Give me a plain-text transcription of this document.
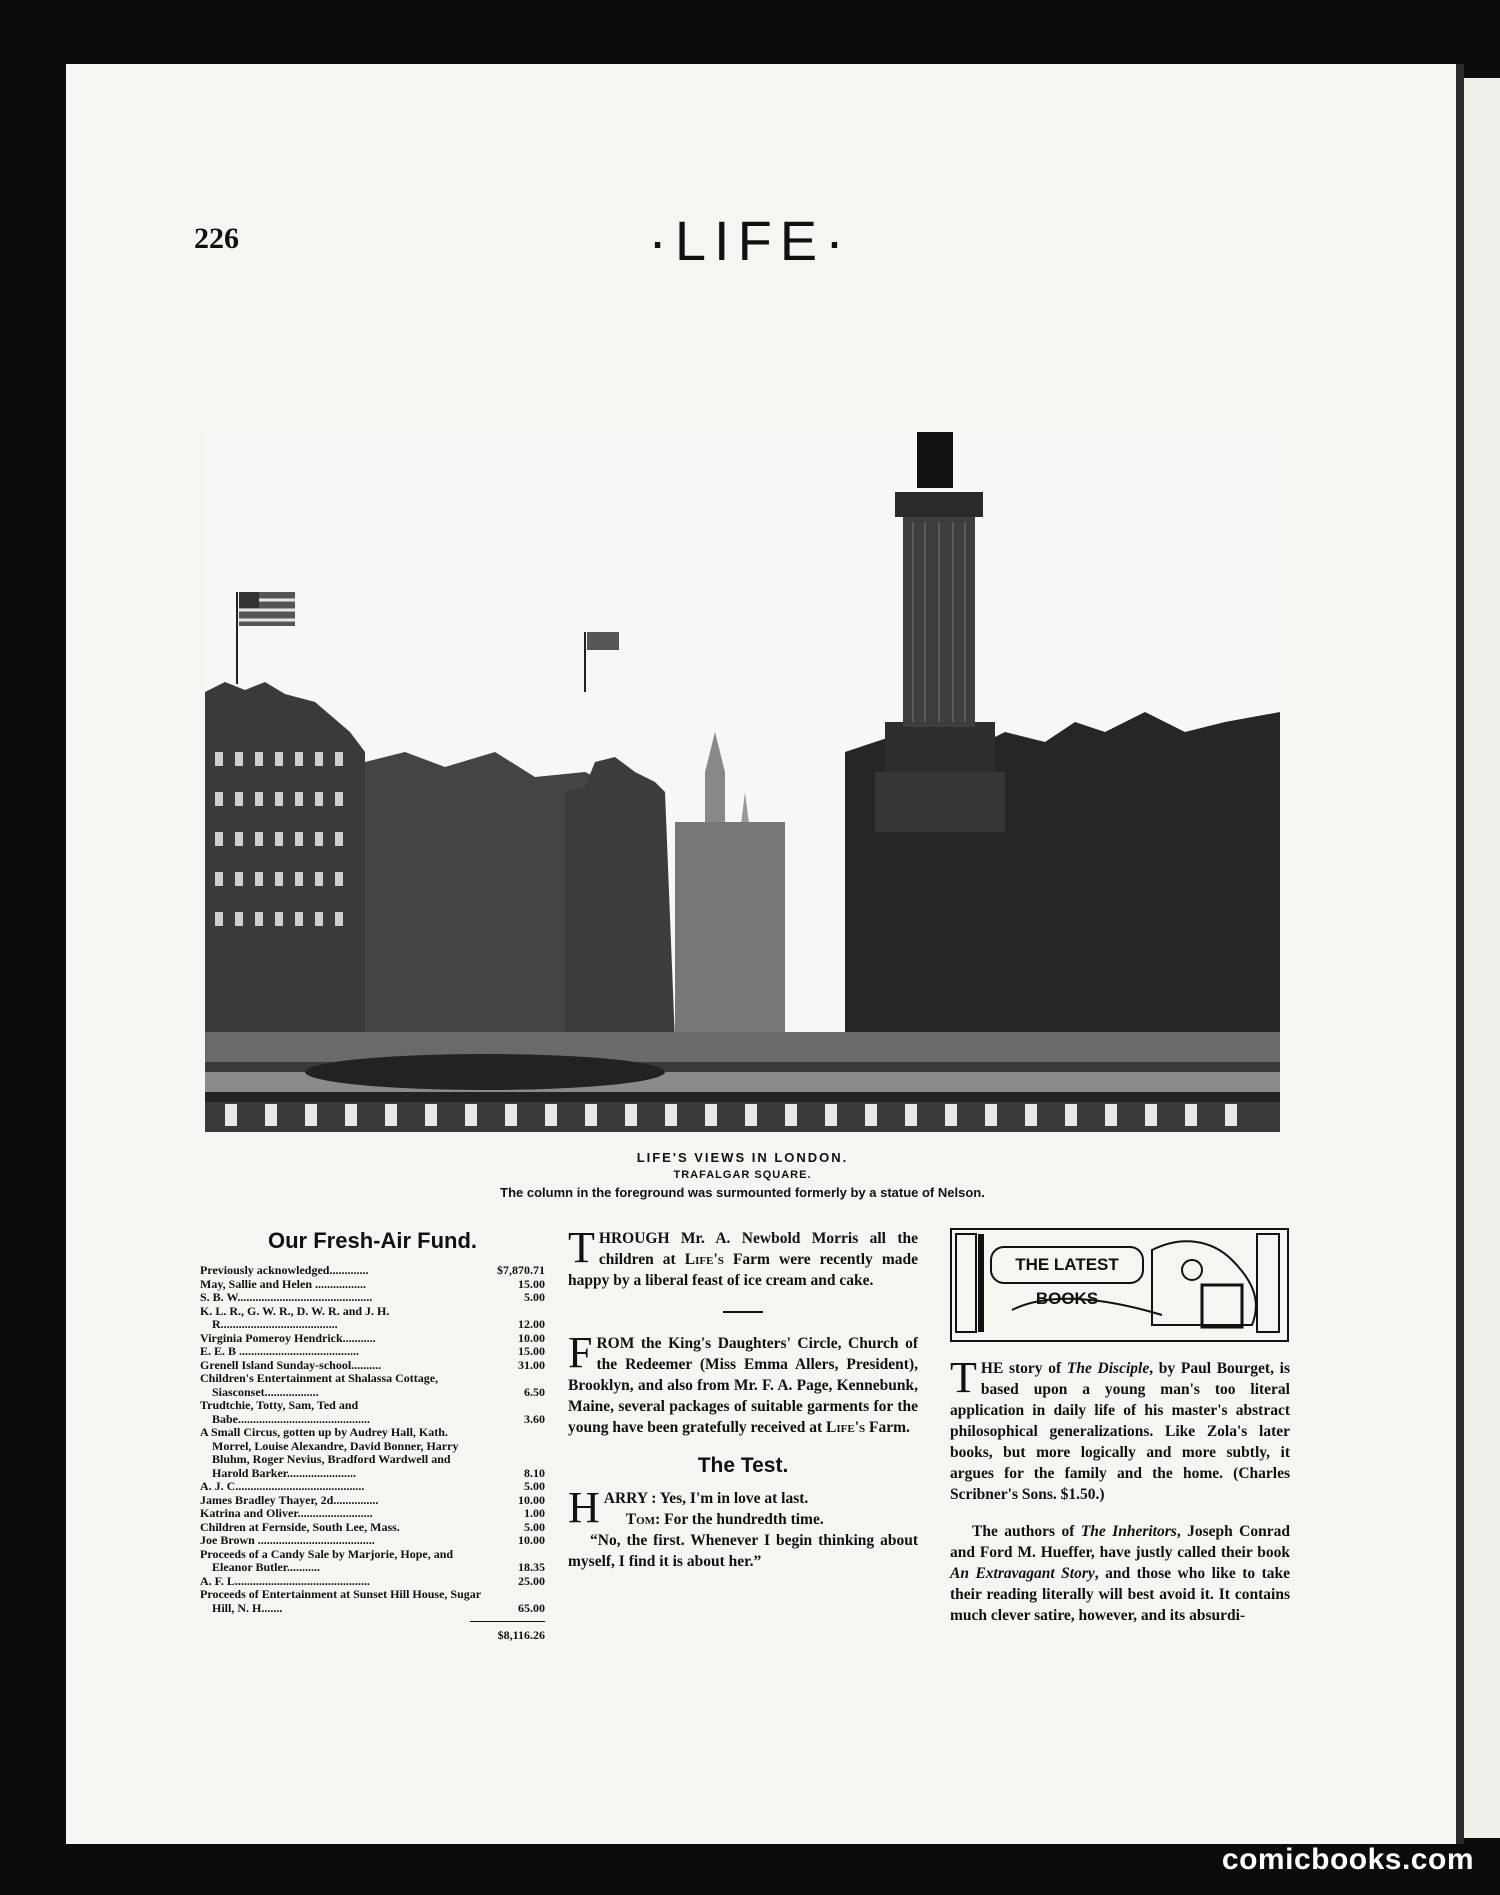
226	·LIFE·
LIFE'S VIEWS IN LONDON.
TRAFALGAR SQUARE.
The column in the foreground was surmounted formerly by a statue of Nelson.
Our Fresh-Air Fund.
Previously acknowledged.............	$7,870.71
May, Sallie and Helen .................	15.00
S. B. W.............................................	5.00
K. L. R., G. W. R., D. W. R. and J. H. R.......................................	12.00
Virginia Pomeroy Hendrick...........	10.00
E. E. B ........................................	15.00
Grenell Island Sunday-school..........	31.00
Children's Entertainment at Shalassa Cottage, Siasconset..................	6.50
Trudtchie, Totty, Sam, Ted and Babe............................................	3.60
A Small Circus, gotten up by Audrey Hall, Kath. Morrel, Louise Alexandre, David Bonner, Harry Bluhm, Roger Nevius, Bradford Wardwell and Harold Barker.......................	8.10
A. J. C...........................................	5.00
James Bradley Thayer, 2d...............	10.00
Katrina and Oliver.........................	1.00
Children at Fernside, South Lee, Mass.	5.00
Joe Brown .......................................	10.00
Proceeds of a Candy Sale by Marjorie, Hope, and Eleanor Butler...........	18.35
A. F. L.............................................	25.00
Proceeds of Entertainment at Sunset Hill House, Sugar Hill, N. H.......	65.00
$8,116.26

THROUGH Mr. A. Newbold Morris all the children at Life's Farm were recently made happy by a liberal feast of ice cream and cake.

FROM the King's Daughters' Circle, Church of the Redeemer (Miss Emma Allers, President), Brooklyn, and also from Mr. F. A. Page, Kennebunk, Maine, several packages of suitable garments for the young have been gratefully received at Life's Farm.

The Test.

HARRY : Yes, I'm in love at last.

Tom: For the hundredth time.

“No, the first. Whenever I begin thinking about myself, I find it is about her.”

THE LATEST BOOKS

THE story of The Disciple, by Paul Bourget, is based upon a young man's too literal application in daily life of his master's abstract philosophical generalizations. Like Zola's later books, but more logically and more subtly, it argues for the family and the home. (Charles Scribner's Sons. $1.50.)

The authors of The Inheritors, Joseph Conrad and Ford M. Hueffer, have justly called their book An Extravagant Story, and those who like to take their reading literally will best avoid it. It contains much clever satire, however, and its absurdi-

comicbooks.com
